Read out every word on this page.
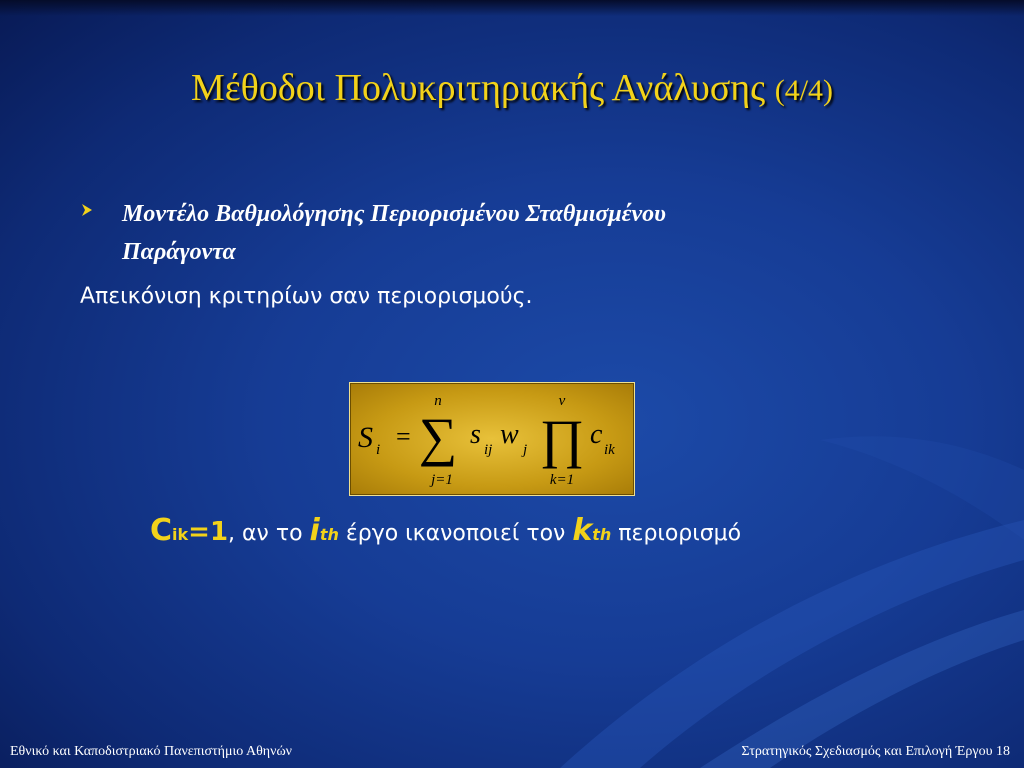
Μέθοδοι Πολυκριτηριακής Ανάλυσης (4/4)
Μοντέλο Βαθμολόγησης Περιορισμένου Σταθμισμένου
Παράγοντα
Απεικόνιση κριτηρίων σαν περιορισμούς.
S i =
n
∑
j=1
s ij w j
ν
∏
k=1
c ik
Cik=1, αν το ith έργο ικανοποιεί τον kth περιορισμό
Εθνικό και Καποδιστριακό Πανεπιστήμιο Αθηνών	Στρατηγικός Σχεδιασμός και Επιλογή Έργου 18
